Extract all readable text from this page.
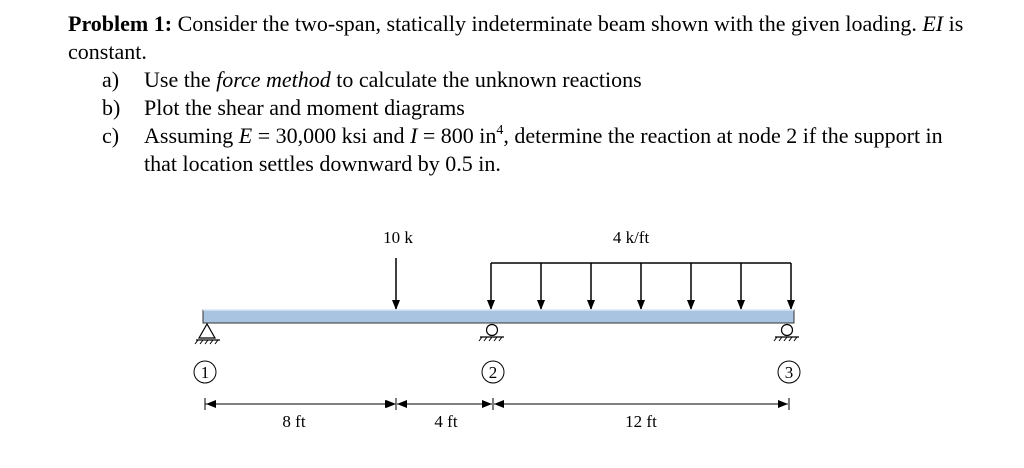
Problem 1: Consider the two-span, statically indeterminate beam shown with the given loading. EI is constant.

a) Use the force method to calculate the unknown reactions
b) Plot the shear and moment diagrams
c) Assuming E = 30,000 ksi and I = 800 $in^4$, determine the reaction at node 2 if the support in that location settles downward by 0.5 in.
10 k	4 k/ft
1	2	3
8 ft	4 ft	12 ft
